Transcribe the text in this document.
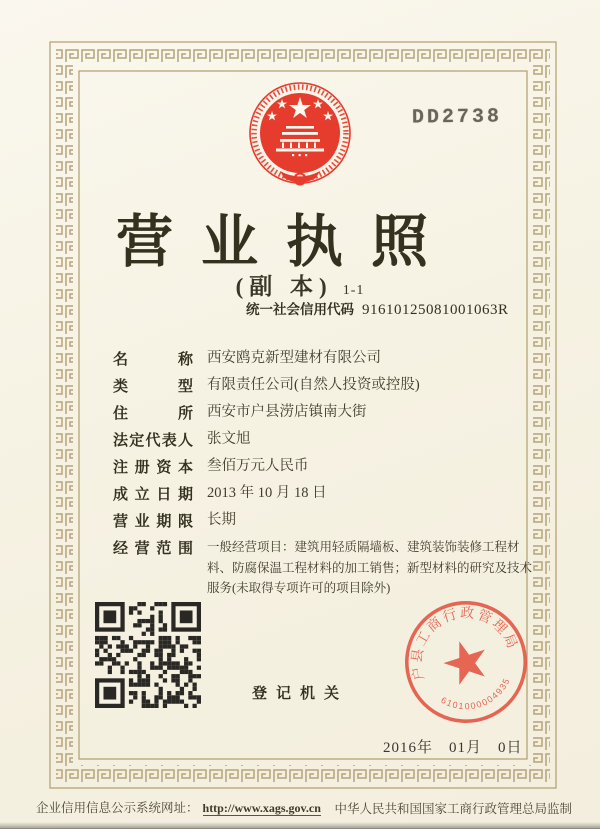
DD2738
营业执照
(副 本) 1-1
统一社会信用代码 91610125081001063R
名称 西安鸥克新型建材有限公司
类型 有限责任公司(自然人投资或控股)
住所 西安市户县涝店镇南大街
法定代表人 张文旭
注册资本 叁佰万元人民币
成立日期 2013 年 10 月 18 日
营业期限 长期
经营范围 一般经营项目：建筑用轻质隔墙板、建筑装饰装修工程材料、防腐保温工程材料的加工销售；新型材料的研究及技术服务(未取得专项许可的项目除外)
登记机关
户县工商行政管理局
6101000004935
2016年 01月 0日
企业信用信息公示系统网址： http://www.xags.gov.cn 中华人民共和国国家工商行政管理总局监制
